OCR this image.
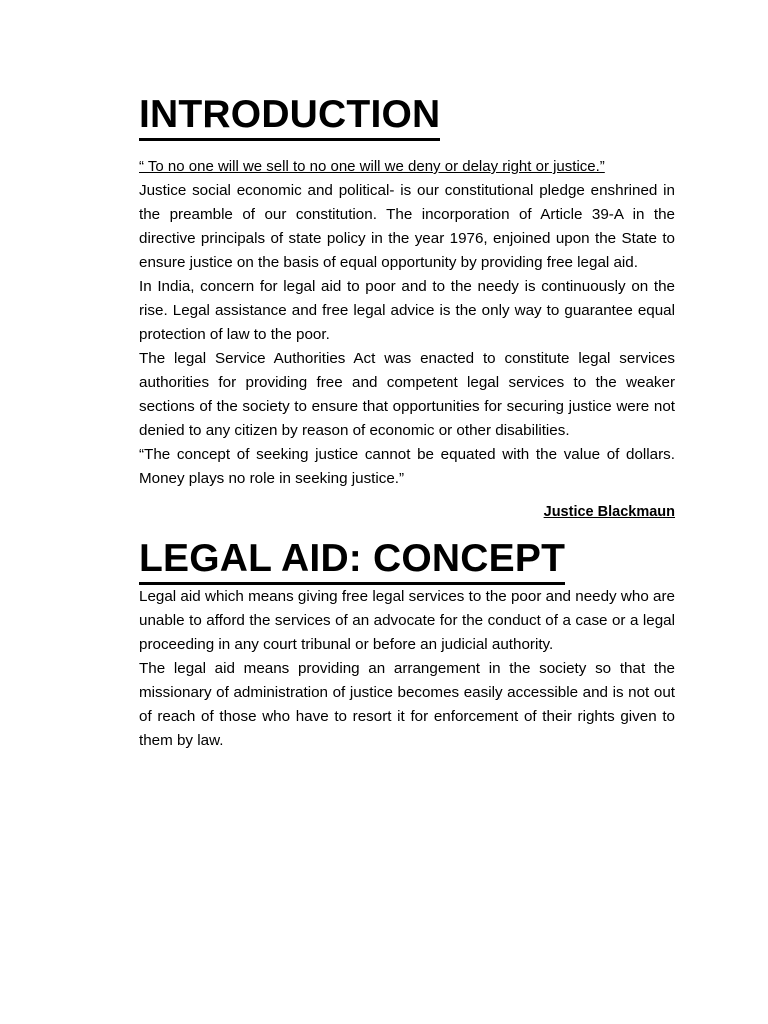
INTRODUCTION

“ To no one will we sell to no one will we deny or delay right or justice.”

Justice social economic and political- is our constitutional pledge enshrined in the preamble of our constitution. The incorporation of Article 39-A in the directive principals of state policy in the year 1976, enjoined upon the State to ensure justice on the basis of equal opportunity by providing free legal aid.

In India, concern for legal aid to poor and to the needy is continuously on the rise. Legal assistance and free legal advice is the only way to guarantee equal protection of law to the poor.

The legal Service Authorities Act was enacted to constitute legal services authorities for providing free and competent legal services to the weaker sections of the society to ensure that opportunities for securing justice were not denied to any citizen by reason of economic or other disabilities.

“The concept of seeking justice cannot be equated with the value of dollars. Money plays no role in seeking justice.”

Justice Blackmaun
LEGAL AID: CONCEPT

Legal aid which means giving free legal services to the poor and needy who are unable to afford the services of an advocate for the conduct of a case or a legal proceeding in any court tribunal or before an judicial authority.

The legal aid means providing an arrangement in the society so that the missionary of administration of justice becomes easily accessible and is not out of reach of those who have to resort it for enforcement of their rights given to them by law.
